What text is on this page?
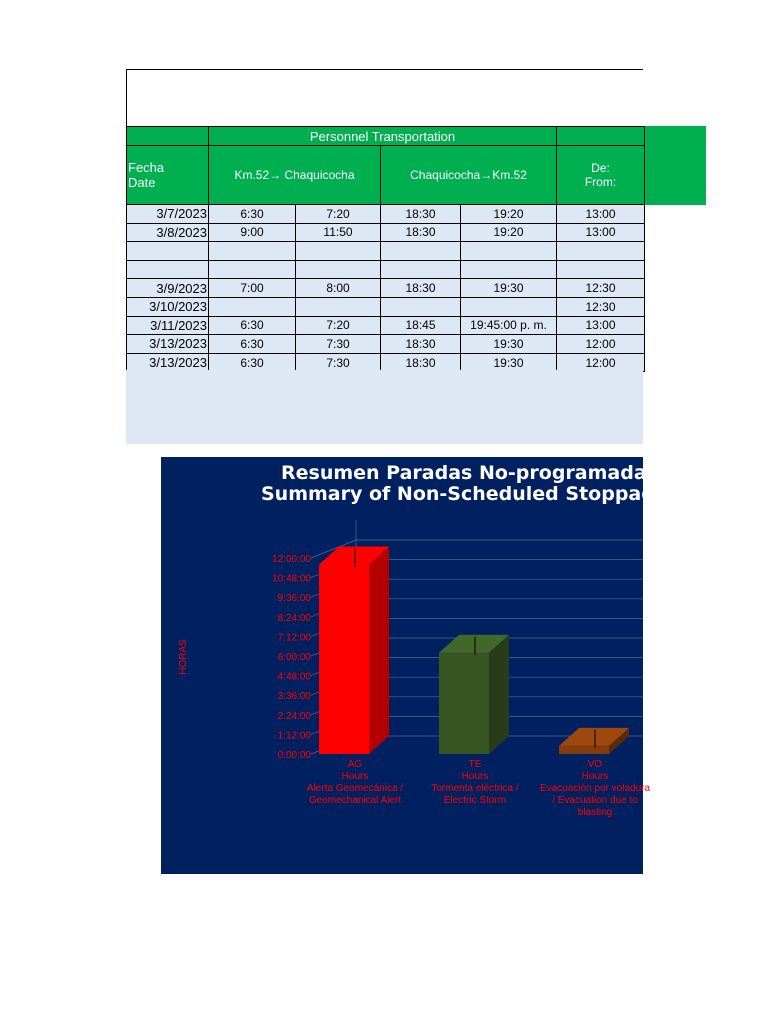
	Personnel Transportation				
Fecha
Date	Km.52→ Chaquicocha		Chaquicocha→Km.52		De:
From:
3/7/2023	6:30	7:20	18:30	19:20	13:00
3/8/2023	9:00	11:50	18:30	19:20	13:00

3/9/2023	7:00	8:00	18:30	19:30	12:30
3/10/2023					12:30
3/11/2023	6:30	7:20	18:45	19:45:00 p. m.	13:00
3/13/2023	6:30	7:30	18:30	19:30	12:00
3/13/2023	6:30	7:30	18:30	19:30	12:00
Resumen Paradas No-programadas - 07/
Summary of Non-Scheduled Stoppages - 0
0:00:00
1:12:00
2:24:00
3:36:00
4:48:00
6:00:00
7:12:00
8:24:00
9:36:00
10:48:00
12:00:00
HORAS
AG
Hours
Alerta Geomecánica /
Geomechanical Alert
TE
Hours
Tormenta eléctrica /
Electric Storm
VO
Hours
Evacuación por voladura
/ Evacuation due to
blasting
